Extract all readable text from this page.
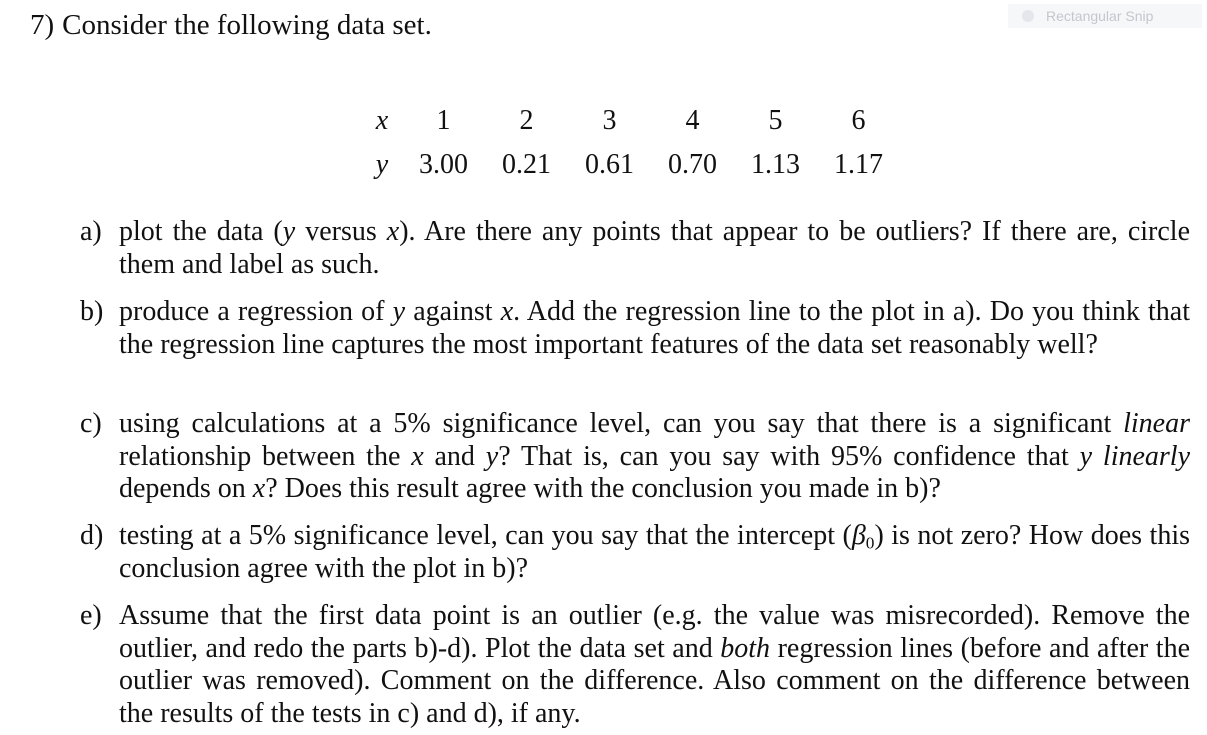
Rectangular Snip
7) Consider the following data set.
x	1	2	3	4	5	6
y	3.00	0.21	0.61	0.70	1.13	1.17
a) plot the data (y versus x). Are there any points that appear to be outliers? If there are, circle them and label as such.
b) produce a regression of y against x. Add the regression line to the plot in a). Do you think that the regression line captures the most important features of the data set reasonably well?
c) using calculations at a 5% significance level, can you say that there is a significant linear relationship between the x and y? That is, can you say with 95% confidence that y linearly depends on x? Does this result agree with the conclusion you made in b)?
d) testing at a 5% significance level, can you say that the intercept $(\beta_0)$ is not zero? How does this conclusion agree with the plot in b)?
e) Assume that the first data point is an outlier (e.g. the value was misrecorded). Remove the outlier, and redo the parts b)-d). Plot the data set and both regression lines (before and after the outlier was removed). Comment on the difference. Also comment on the difference between the results of the tests in c) and d), if any.
